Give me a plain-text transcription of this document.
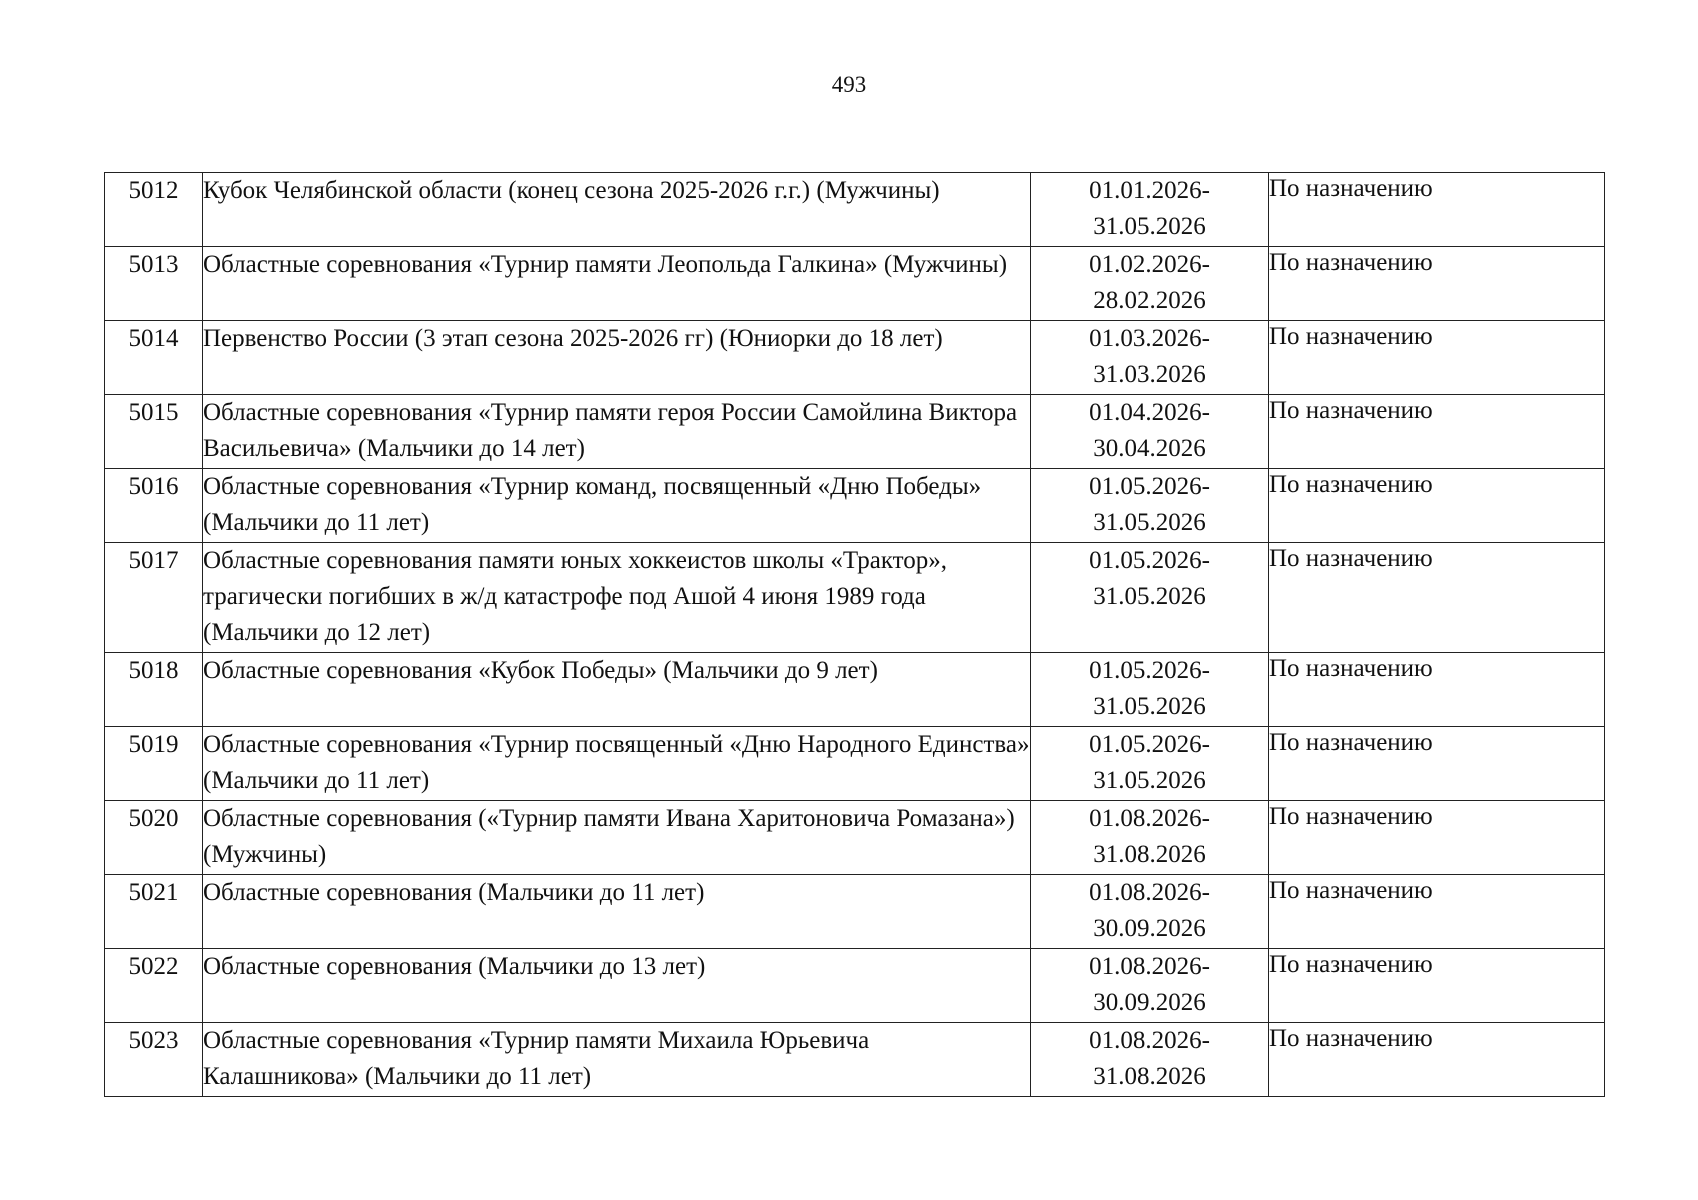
493
5012	Кубок Челябинской области (конец сезона 2025-2026 г.г.) (Мужчины)	01.01.2026-
31.05.2026	По назначению
5013	Областные соревнования «Турнир памяти Леопольда Галкина» (Мужчины)	01.02.2026-
28.02.2026	По назначению
5014	Первенство России (3 этап сезона 2025-2026 гг) (Юниорки до 18 лет)	01.03.2026-
31.03.2026	По назначению
5015	Областные соревнования «Турнир памяти героя России Самойлина Виктора Васильевича» (Мальчики до 14 лет)	01.04.2026-
30.04.2026	По назначению
5016	Областные соревнования «Турнир команд, посвященный «Дню Победы» (Мальчики до 11 лет)	01.05.2026-
31.05.2026	По назначению
5017	Областные соревнования памяти юных хоккеистов школы «Трактор», трагически погибших в ж/д катастрофе под Ашой 4 июня 1989 года (Мальчики до 12 лет)	01.05.2026-
31.05.2026	По назначению
5018	Областные соревнования «Кубок Победы» (Мальчики до 9 лет)	01.05.2026-
31.05.2026	По назначению
5019	Областные соревнования «Турнир посвященный «Дню Народного Единства» (Мальчики до 11 лет)	01.05.2026-
31.05.2026	По назначению
5020	Областные соревнования («Турнир памяти Ивана Харитоновича Ромазана») (Мужчины)	01.08.2026-
31.08.2026	По назначению
5021	Областные соревнования (Мальчики до 11 лет)	01.08.2026-
30.09.2026	По назначению
5022	Областные соревнования (Мальчики до 13 лет)	01.08.2026-
30.09.2026	По назначению
5023	Областные соревнования «Турнир памяти Михаила Юрьевича Калашникова» (Мальчики до 11 лет)	01.08.2026-
31.08.2026	По назначению
